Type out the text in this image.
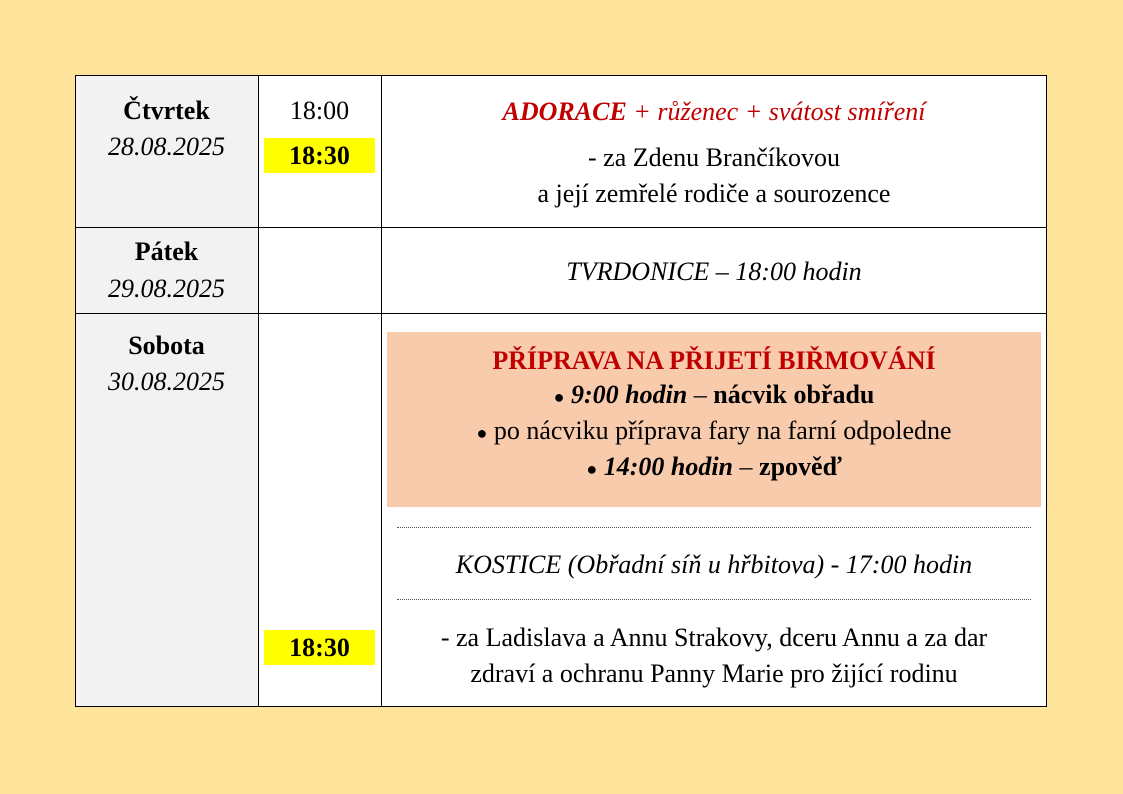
Čtvrtek
28.08.2025
18:00
18:30
ADORACE + růženec + svátost smíření
- za Zdenu Brančíkovou
a její zemřelé rodiče a sourozence
Pátek
29.08.2025
TVRDONICE – 18:00 hodin
Sobota
30.08.2025
PŘÍPRAVA NA PŘIJETÍ BIŘMOVÁNÍ
● 9:00 hodin – nácvik obřadu
● po nácviku příprava fary na farní odpoledne
● 14:00 hodin – zpověď
KOSTICE (Obřadní síň u hřbitova) - 17:00 hodin
18:30	- za Ladislava a Annu Strakovy, dceru Annu a za dar
zdraví a ochranu Panny Marie pro žijící rodinu
